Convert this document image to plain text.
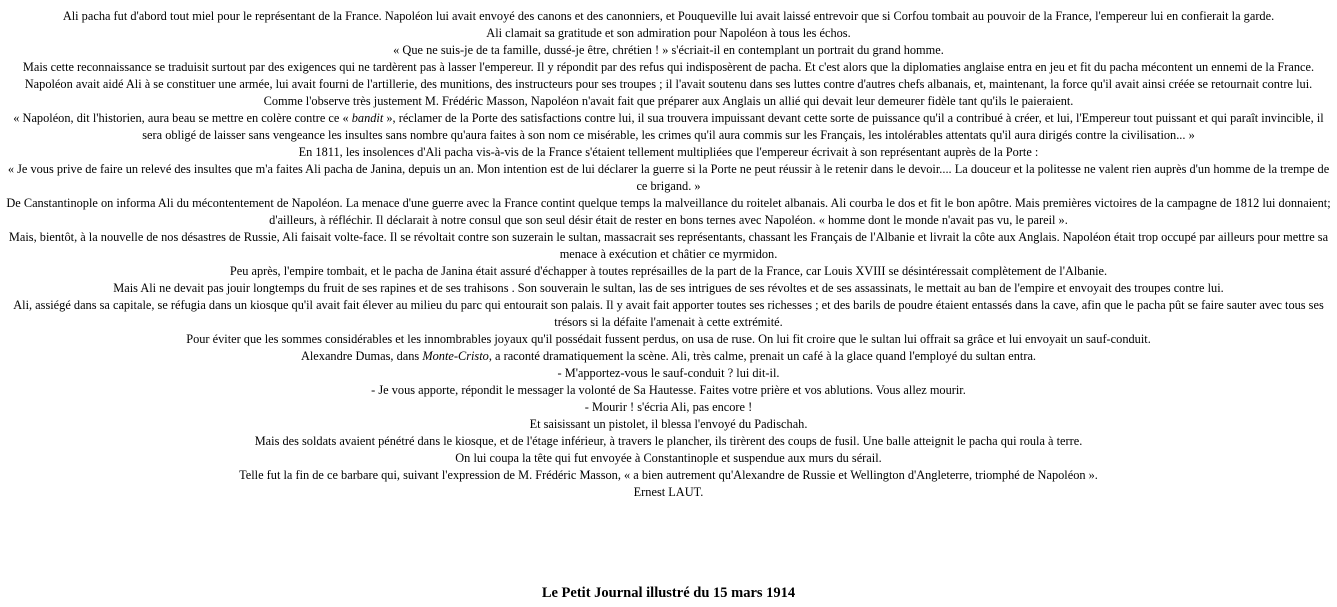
Ali pacha fut d'abord tout miel pour le représentant de la France. Napoléon lui avait envoyé des canons et des canonniers, et Pouqueville lui avait laissé entrevoir que si Corfou tombait au pouvoir de la France, l'empereur lui en confierait la garde.

Ali clamait sa gratitude et son admiration pour Napoléon à tous les échos.

« Que ne suis-je de ta famille, dussé-je être, chrétien ! » s'écriait-il en contemplant un portrait du grand homme.

Mais cette reconnaissance se traduisit surtout par des exigences qui ne tardèrent pas à lasser l'empereur. Il y répondit par des refus qui indisposèrent de pacha. Et c'est alors que la diplomaties anglaise entra en jeu et fit du pacha mécontent un ennemi de la France.

Napoléon avait aidé Ali à se constituer une armée, lui avait fourni de l'artillerie, des munitions, des instructeurs pour ses troupes ; il l'avait soutenu dans ses luttes contre d'autres chefs albanais, et, maintenant, la force qu'il avait ainsi créée se retournait contre lui.

Comme l'observe très justement M. Frédéric Masson, Napoléon n'avait fait que préparer aux Anglais un allié qui devait leur demeurer fidèle tant qu'ils le paieraient.

« Napoléon, dit l'historien, aura beau se mettre en colère contre ce « bandit », réclamer de la Porte des satisfactions contre lui, il sua trouvera impuissant devant cette sorte de puissance qu'il a contribué à créer, et lui, l'Empereur tout puissant et qui paraît invincible, il sera obligé de laisser sans vengeance les insultes sans nombre qu'aura faites à son nom ce misérable, les crimes qu'il aura commis sur les Français, les intolérables attentats qu'il aura dirigés contre la civilisation... »

En 1811, les insolences d'Ali pacha vis-à-vis de la France s'étaient tellement multipliées que l'empereur écrivait à son représentant auprès de la Porte :

« Je vous prive de faire un relevé des insultes que m'a faites Ali pacha de Janina, depuis un an. Mon intention est de lui déclarer la guerre si la Porte ne peut réussir à le retenir dans le devoir.... La douceur et la politesse ne valent rien auprès d'un homme de la trempe de ce brigand. »

De Canstantinople on informa Ali du mécontentement de Napoléon. La menace d'une guerre avec la France contint quelque temps la malveillance du roitelet albanais. Ali courba le dos et fit le bon apôtre. Mais premières victoires de la campagne de 1812 lui donnaient; d'ailleurs, à réfléchir. Il déclarait à notre consul que son seul désir était de rester en bons ternes avec Napoléon. « homme dont le monde n'avait pas vu, le pareil ».

Mais, bientôt, à la nouvelle de nos désastres de Russie, Ali faisait volte-face. Il se révoltait contre son suzerain le sultan, massacrait ses représentants, chassant les Français de l'Albanie et livrait la côte aux Anglais. Napoléon était trop occupé par ailleurs pour mettre sa menace à exécution et châtier ce myrmidon.

Peu après, l'empire tombait, et le pacha de Janina était assuré d'échapper à toutes représailles de la part de la France, car Louis XVIII se désintéressait complètement de l'Albanie.

Mais Ali ne devait pas jouir longtemps du fruit de ses rapines et de ses trahisons . Son souverain le sultan, las de ses intrigues de ses révoltes et de ses assassinats, le mettait au ban de l'empire et envoyait des troupes contre lui.

Ali, assiégé dans sa capitale, se réfugia dans un kiosque qu'il avait fait élever au milieu du parc qui entourait son palais. Il y avait fait apporter toutes ses richesses ; et des barils de poudre étaient entassés dans la cave, afin que le pacha pût se faire sauter avec tous ses trésors si la défaite l'amenait à cette extrémité.

Pour éviter que les sommes considérables et les innombrables joyaux qu'il possédait fussent perdus, on usa de ruse. On lui fit croire que le sultan lui offrait sa grâce et lui envoyait un sauf-conduit.

Alexandre Dumas, dans Monte-Cristo, a raconté dramatiquement la scène. Ali, très calme, prenait un café à la glace quand l'employé du sultan entra.

- M'apportez-vous le sauf-conduit ? lui dit-il.

- Je vous apporte, répondit le messager la volonté de Sa Hautesse. Faites votre prière et vos ablutions. Vous allez mourir.

- Mourir ! s'écria Ali, pas encore !

Et saisissant un pistolet, il blessa l'envoyé du Padischah.

Mais des soldats avaient pénétré dans le kiosque, et de l'étage inférieur, à travers le plancher, ils tirèrent des coups de fusil. Une balle atteignit le pacha qui roula à terre.

On lui coupa la tête qui fut envoyée à Constantinople et suspendue aux murs du sérail.

Telle fut la fin de ce barbare qui, suivant l'expression de M. Frédéric Masson, « a bien autrement qu'Alexandre de Russie et Wellington d'Angleterre, triomphé de Napoléon ».

Ernest LAUT.

Le Petit Journal illustré du 15 mars 1914
